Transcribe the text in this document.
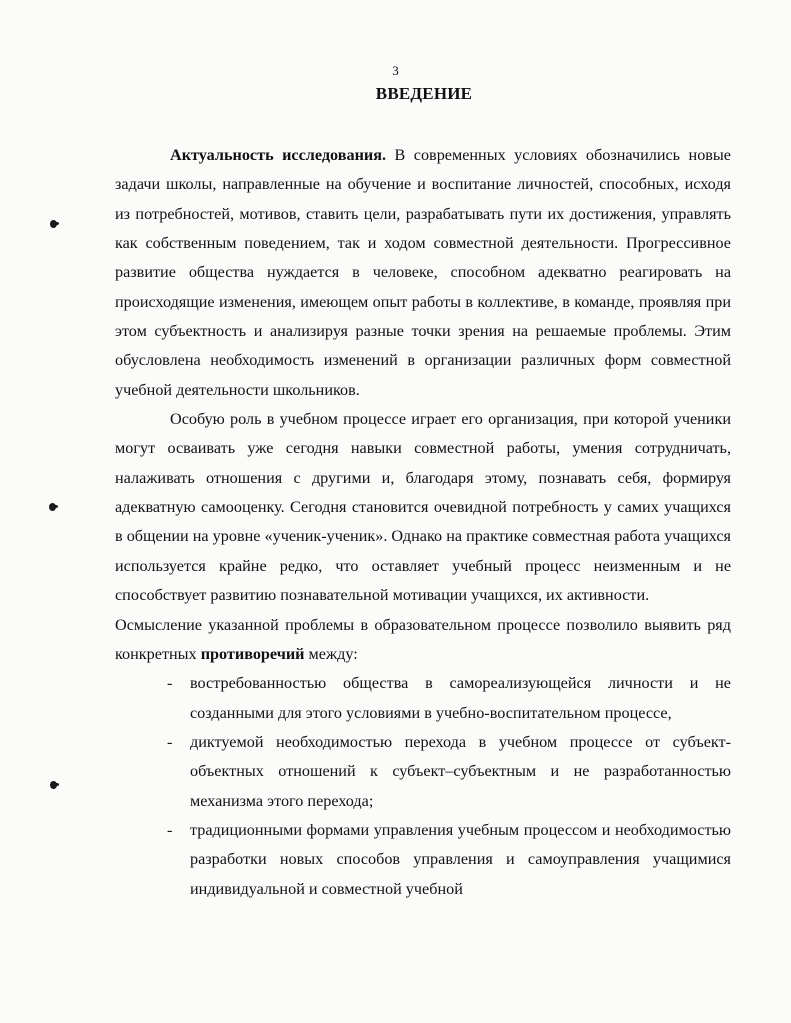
3
ВВЕДЕНИЕ

Актуальность исследования. В современных условиях обозначились новые задачи школы, направленные на обучение и воспитание личностей, способных, исходя из потребностей, мотивов, ставить цели, разрабатывать пути их достижения, управлять как собственным поведением, так и ходом совместной деятельности. Прогрессивное развитие общества нуждается в человеке, способном адекватно реагировать на происходящие изменения, имеющем опыт работы в коллективе, в команде, проявляя при этом субъектность и анализируя разные точки зрения на решаемые проблемы. Этим обусловлена необходимость изменений в организации различных форм совместной учебной деятельности школьников.

Особую роль в учебном процессе играет его организация, при которой ученики могут осваивать уже сегодня навыки совместной работы, умения сотрудничать, налаживать отношения с другими и, благодаря этому, познавать себя, формируя адекватную самооценку. Сегодня становится очевидной потребность у самих учащихся в общении на уровне «ученик-ученик». Однако на практике совместная работа учащихся используется крайне редко, что оставляет учебный процесс неизменным и не способствует развитию познавательной мотивации учащихся, их активности.

Осмысление указанной проблемы в образовательном процессе позволило выявить ряд конкретных противоречий между:

- востребованностью общества в самореализующейся личности и не созданными для этого условиями в учебно-воспитательном процессе,
- диктуемой необходимостью перехода в учебном процессе от субъект-объектных отношений к субъект–субъектным и не разработанностью механизма этого перехода;
- традиционными формами управления учебным процессом и необходимостью разработки новых способов управления и самоуправления учащимися индивидуальной и совместной учебной
